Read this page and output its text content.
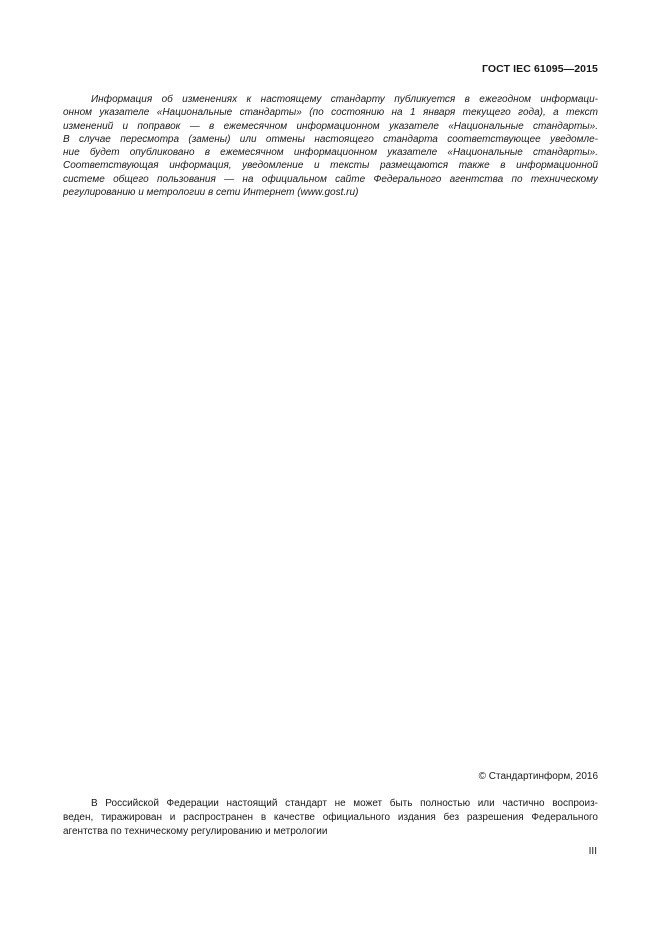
ГОСТ IEC 61095—2015
Информация об изменениях к настоящему стандарту публикуется в ежегодном информаци-
онном указателе «Национальные стандарты» (по состоянию на 1 января текущего года), а текст
изменений и поправок — в ежемесячном информационном указателе «Национальные стандарты».
В случае пересмотра (замены) или отмены настоящего стандарта соответствующее уведомле-
ние будет опубликовано в ежемесячном информационном указателе «Национальные стандарты».
Соответствующая информация, уведомление и тексты размещаются также в информационной
системе общего пользования — на официальном сайте Федерального агентства по техническому
регулированию и метрологии в сети Интернет (www.gost.ru)
© Стандартинформ, 2016
В Российской Федерации настоящий стандарт не может быть полностью или частично воспроиз-
веден, тиражирован и распространен в качестве официального издания без разрешения Федерального
агентства по техническому регулированию и метрологии
III
